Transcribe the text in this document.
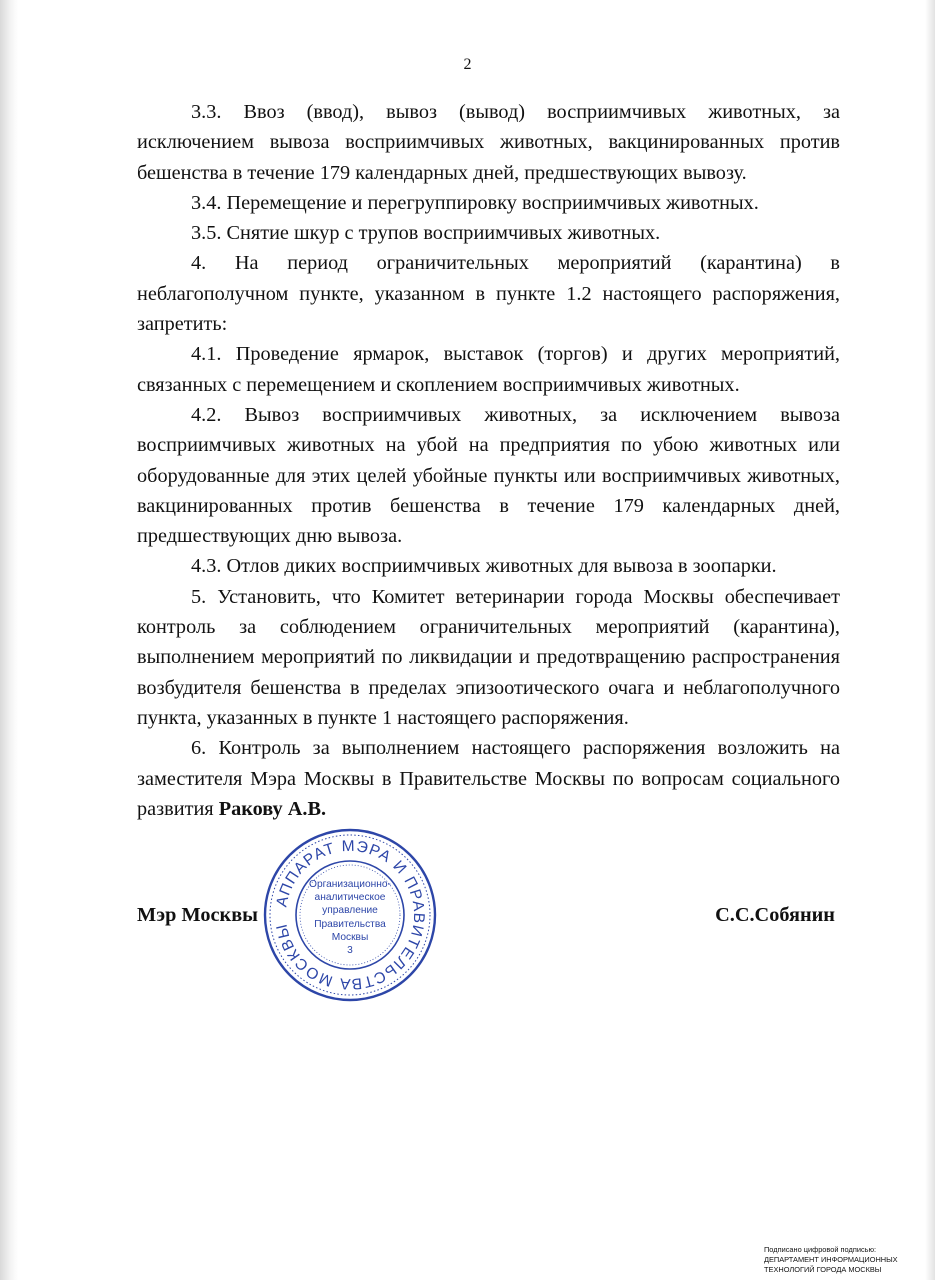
2

3.3. Ввоз (ввод), вывоз (вывод) восприимчивых животных, за исключением вывоза восприимчивых животных, вакцинированных против бешенства в течение 179 календарных дней, предшествующих вывозу.

3.4. Перемещение и перегруппировку восприимчивых животных.

3.5. Снятие шкур с трупов восприимчивых животных.

4. На период ограничительных мероприятий (карантина) в неблагополучном пункте, указанном в пункте 1.2 настоящего распоряжения, запретить:

4.1. Проведение ярмарок, выставок (торгов) и других мероприятий, связанных с перемещением и скоплением восприимчивых животных.

4.2. Вывоз восприимчивых животных, за исключением вывоза восприимчивых животных на убой на предприятия по убою животных или оборудованные для этих целей убойные пункты или восприимчивых животных, вакцинированных против бешенства в течение 179 календарных дней, предшествующих дню вывоза.

4.3. Отлов диких восприимчивых животных для вывоза в зоопарки.

5. Установить, что Комитет ветеринарии города Москвы обеспечивает контроль за соблюдением ограничительных мероприятий (карантина), выполнением мероприятий по ликвидации и предотвращению распространения возбудителя бешенства в пределах эпизоотического очага и неблагополучного пункта, указанных в пункте 1 настоящего распоряжения.

6. Контроль за выполнением настоящего распоряжения возложить на заместителя Мэра Москвы в Правительстве Москвы по вопросам социального развития Ракову А.В.

Мэр Москвы	С.С.Собянин
АППАРАТ МЭРА И ПРАВИТЕЛЬСТВА МОСКВЫ
Организационно-
аналитическое
управление
Правительства
Москвы
3
Подписано цифровой подписью:
ДЕПАРТАМЕНТ ИНФОРМАЦИОННЫХ
ТЕХНОЛОГИЙ ГОРОДА МОСКВЫ
